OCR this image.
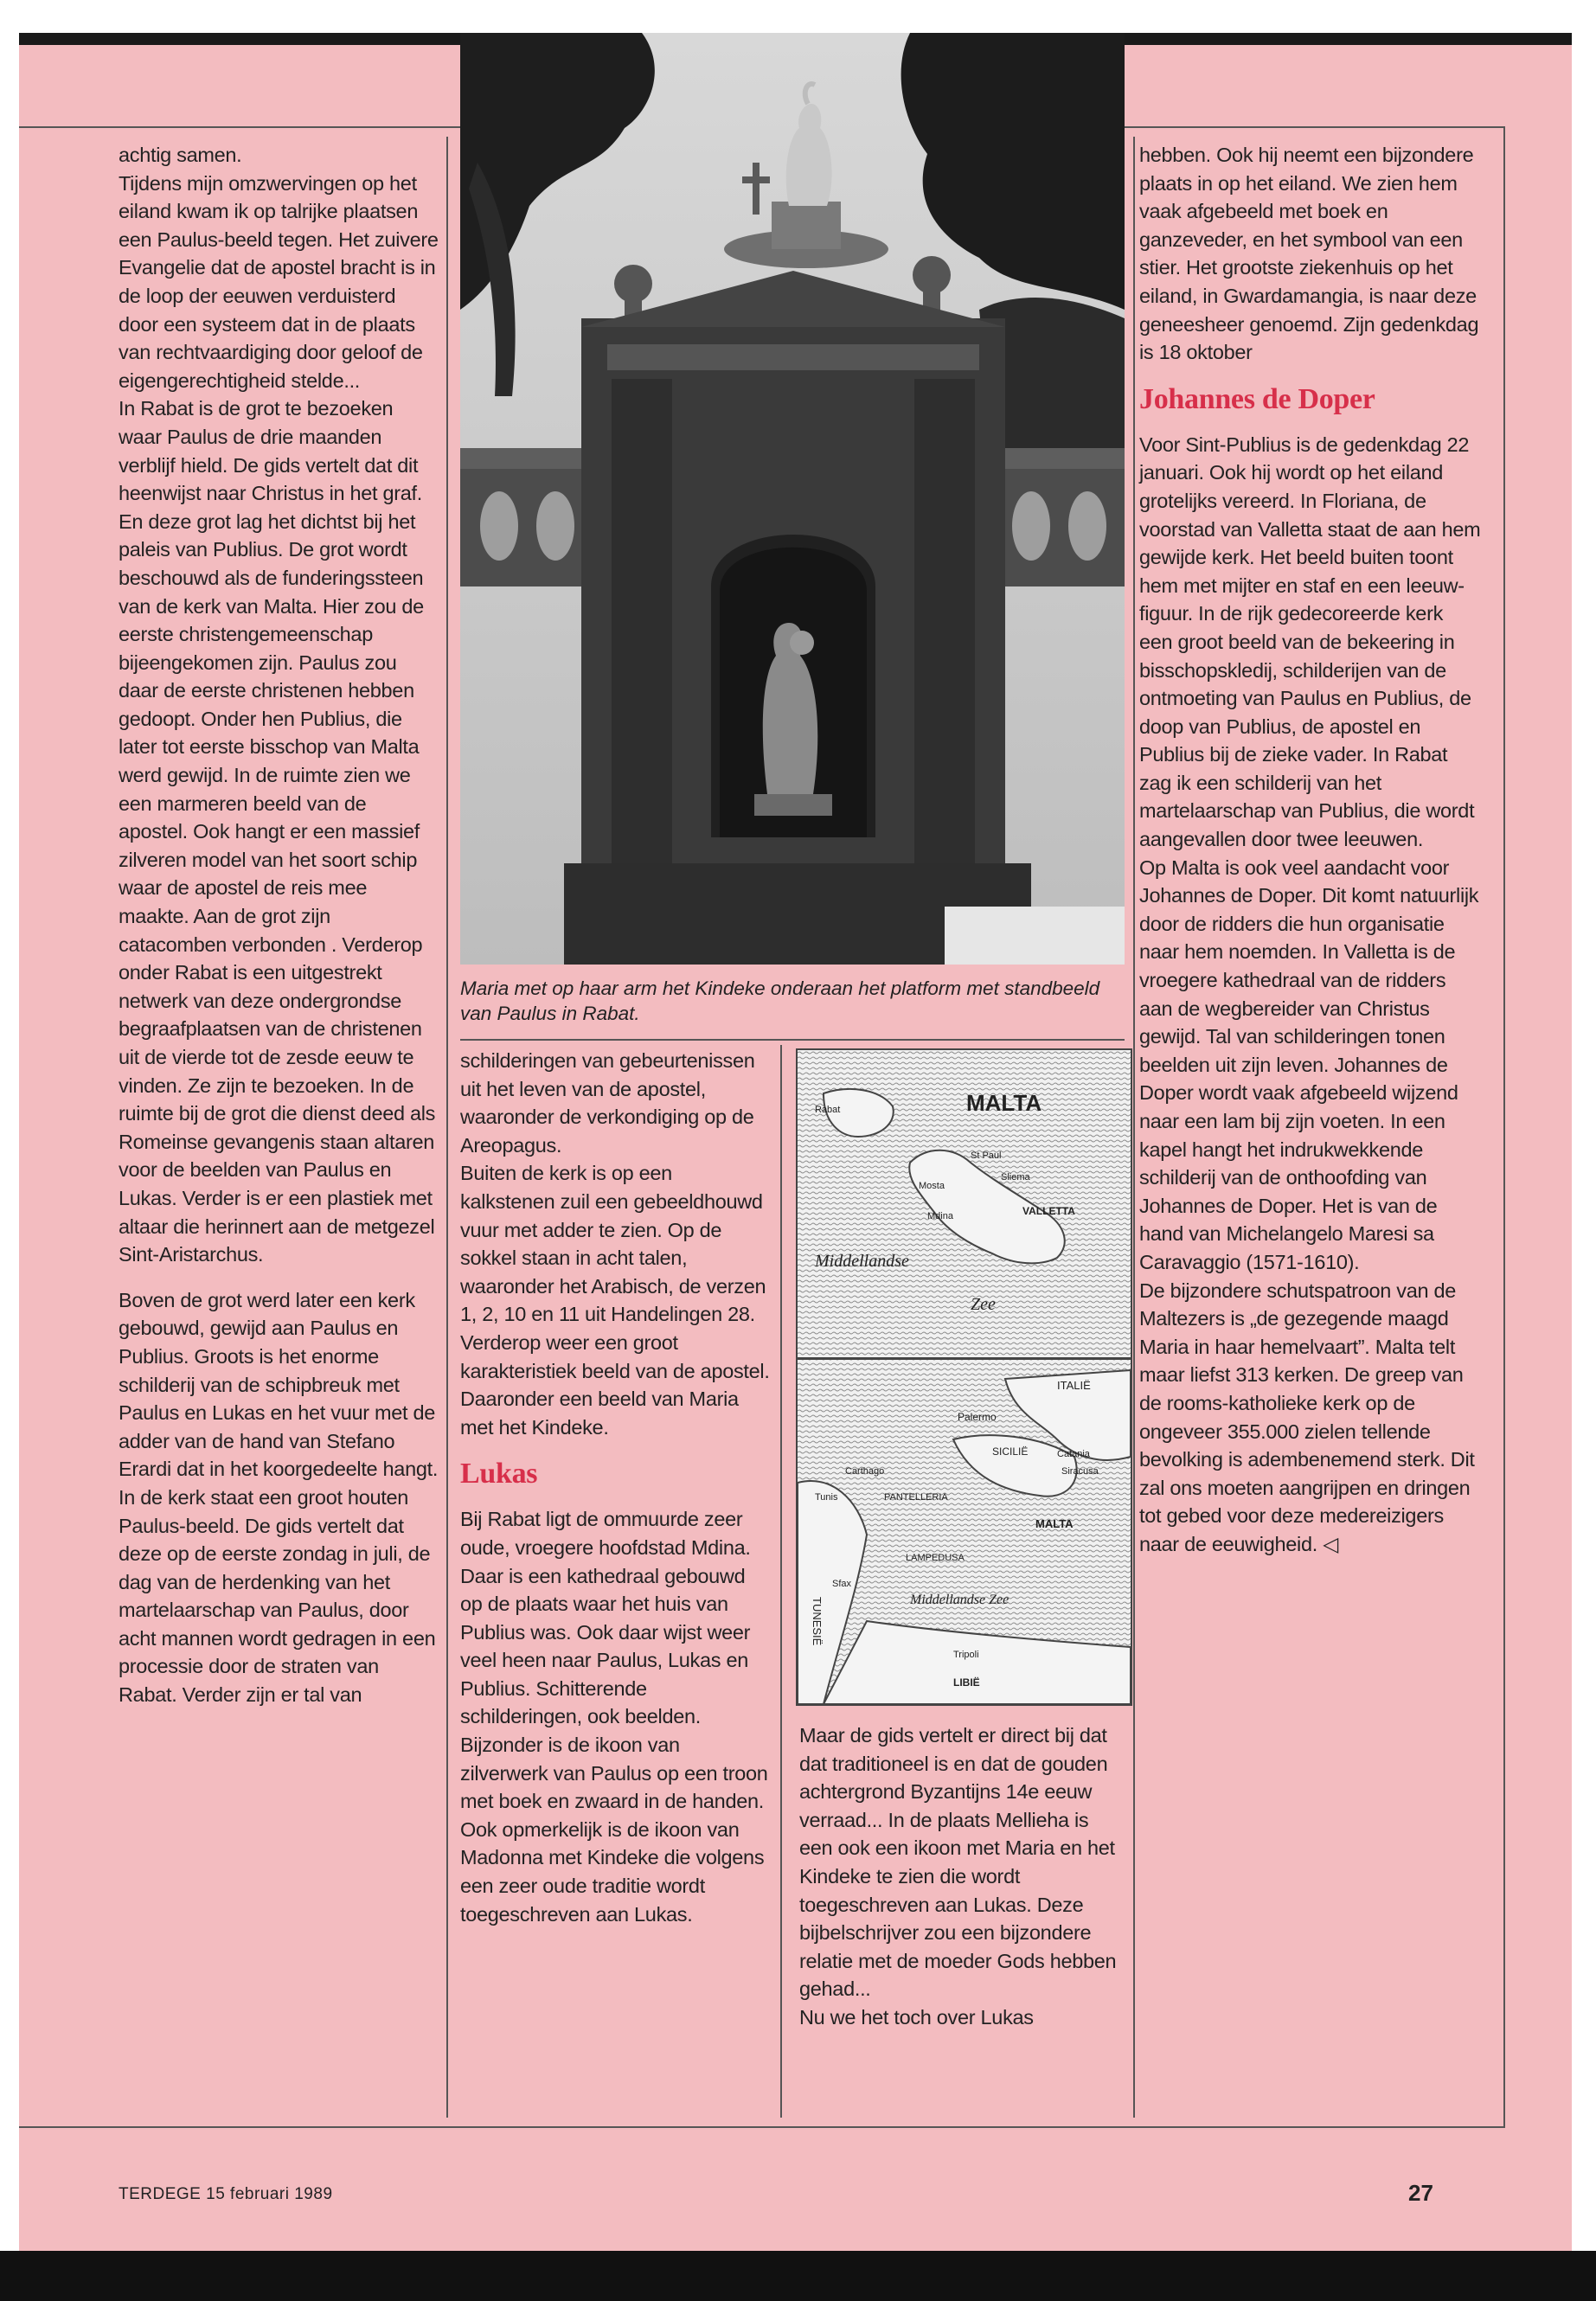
Maria met op haar arm het Kindeke onderaan het platform met standbeeld van Paulus in Rabat.
MALTA
Rabat
St Paul
Sliema
Mosta
VALLETTA
Mdina
Middellandse
Zee
ITALIË
Palermo
SICILIË	Catania
Siracusa
Carthago
Tunis	PANTELLERIA
MALTA
LAMPEDUSA
Sfax
TUNESIË	Middellandse Zee
Tripoli
LIBIË

achtig samen.

Tijdens mijn omzwervingen op het eiland kwam ik op talrijke plaatsen een Paulus-beeld tegen. Het zuivere Evangelie dat de apostel bracht is in de loop der eeuwen verduisterd door een systeem dat in de plaats van rechtvaardiging door geloof de eigengerechtigheid stelde...

In Rabat is de grot te bezoeken waar Paulus de drie maanden verblijf hield. De gids vertelt dat dit heenwijst naar Christus in het graf. En deze grot lag het dichtst bij het paleis van Publius. De grot wordt beschouwd als de funderingssteen van de kerk van Malta. Hier zou de eerste christengemeenschap bijeengekomen zijn. Paulus zou daar de eerste christenen hebben gedoopt. Onder hen Publius, die later tot eerste bisschop van Malta werd gewijd. In de ruimte zien we een marmeren beeld van de apostel. Ook hangt er een massief zilveren model van het soort schip waar de apostel de reis mee maakte. Aan de grot zijn catacomben verbonden . Verderop onder Rabat is een uitgestrekt netwerk van deze ondergrondse begraafplaatsen van de christenen uit de vierde tot de zesde eeuw te vinden. Ze zijn te bezoeken. In de ruimte bij de grot die dienst deed als Romeinse gevangenis staan altaren voor de beelden van Paulus en Lukas. Verder is er een plastiek met altaar die herinnert aan de metgezel Sint-Aristarchus.

Boven de grot werd later een kerk gebouwd, gewijd aan Paulus en Publius. Groots is het enorme schilderij van de schipbreuk met Paulus en Lukas en het vuur met de adder van de hand van Stefano Erardi dat in het koorgedeelte hangt. In de kerk staat een groot houten Paulus-beeld. De gids vertelt dat deze op de eerste zondag in juli, de dag van de herdenking van het martelaarschap van Paulus, door acht mannen wordt gedragen in een processie door de straten van Rabat. Verder zijn er tal van

schilderingen van gebeurtenissen uit het leven van de apostel, waaronder de verkondiging op de Areopagus.

Buiten de kerk is op een kalkstenen zuil een gebeeldhouwd vuur met adder te zien. Op de sokkel staan in acht talen, waaronder het Arabisch, de verzen 1, 2, 10 en 11 uit Handelingen 28. Verderop weer een groot karakteristiek beeld van de apostel. Daaronder een beeld van Maria met het Kindeke.

Lukas

Bij Rabat ligt de ommuurde zeer oude, vroegere hoofdstad Mdina. Daar is een kathedraal gebouwd op de plaats waar het huis van Publius was. Ook daar wijst weer veel heen naar Paulus, Lukas en Publius. Schitterende schilderingen, ook beelden. Bijzonder is de ikoon van zilverwerk van Paulus op een troon met boek en zwaard in de handen. Ook opmerkelijk is de ikoon van Madonna met Kindeke die volgens een zeer oude traditie wordt toegeschreven aan Lukas.

Maar de gids vertelt er direct bij dat dat traditioneel is en dat de gouden achtergrond Byzantijns 14e eeuw verraad... In de plaats Mellieha is een ook een ikoon met Maria en het Kindeke te zien die wordt toegeschreven aan Lukas. Deze bijbelschrijver zou een bijzondere relatie met de moeder Gods hebben gehad...

Nu we het toch over Lukas

hebben. Ook hij neemt een bijzondere plaats in op het eiland. We zien hem vaak afgebeeld met boek en ganzeveder, en het symbool van een stier. Het grootste ziekenhuis op het eiland, in Gwardamangia, is naar deze geneesheer genoemd. Zijn gedenkdag is 18 oktober

Johannes de Doper

Voor Sint-Publius is de gedenkdag 22 januari. Ook hij wordt op het eiland grotelijks vereerd. In Floriana, de voorstad van Valletta staat de aan hem gewijde kerk. Het beeld buiten toont hem met mijter en staf en een leeuw-figuur. In de rijk gedecoreerde kerk een groot beeld van de bekeering in bisschopskledij, schilderijen van de ontmoeting van Paulus en Publius, de doop van Publius, de apostel en Publius bij de zieke vader. In Rabat zag ik een schilderij van het martelaarschap van Publius, die wordt aangevallen door twee leeuwen.

Op Malta is ook veel aandacht voor Johannes de Doper. Dit komt natuurlijk door de ridders die hun organisatie naar hem noemden. In Valletta is de vroegere kathedraal van de ridders aan de wegbereider van Christus gewijd. Tal van schilderingen tonen beelden uit zijn leven. Johannes de Doper wordt vaak afgebeeld wijzend naar een lam bij zijn voeten. In een kapel hangt het indrukwekkende schilderij van de onthoofding van Johannes de Doper. Het is van de hand van Michelangelo Maresi sa Caravaggio (1571-1610).

De bijzondere schutspatroon van de Maltezers is „de gezegende maagd Maria in haar hemelvaart”. Malta telt maar liefst 313 kerken. De greep van de rooms-katholieke kerk op de ongeveer 355.000 zielen tellende bevolking is adembenemend sterk. Dit zal ons moeten aangrijpen en dringen tot gebed voor deze medereizigers naar de eeuwigheid. ◁

TERDEGE 15 februari 1989	27
